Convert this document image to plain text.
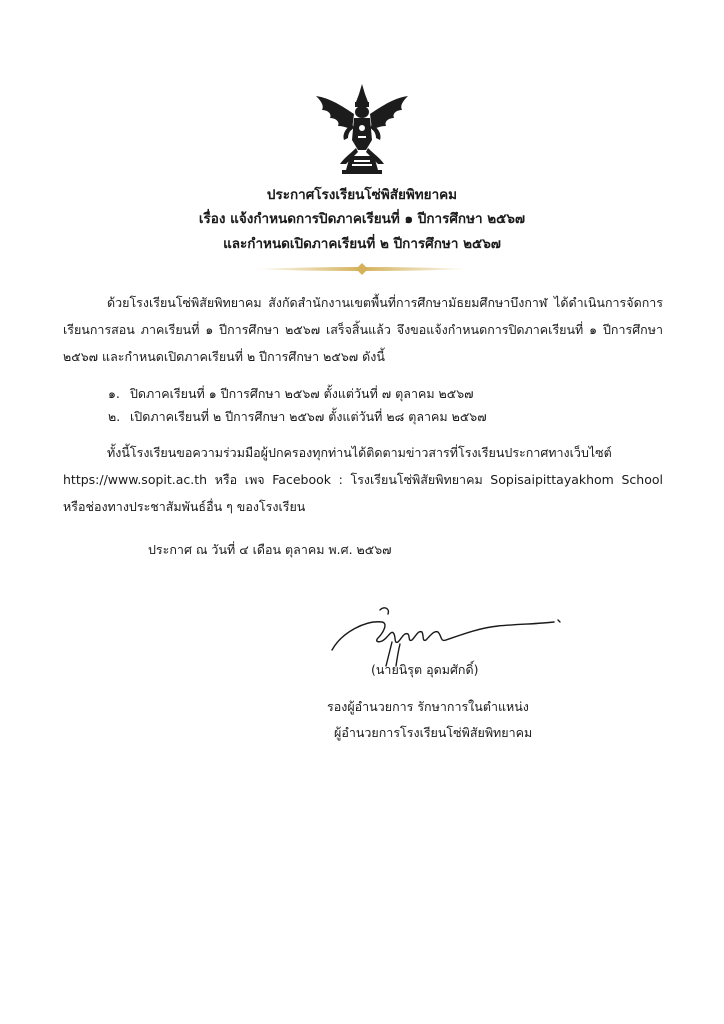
ประกาศโรงเรียนโซ่พิสัยพิทยาคม
เรื่อง แจ้งกำหนดการปิดภาคเรียนที่ ๑ ปีการศึกษา ๒๕๖๗
และกำหนดเปิดภาคเรียนที่ ๒ ปีการศึกษา ๒๕๖๗
ด้วยโรงเรียนโซ่พิสัยพิทยาคม สังกัดสำนักงานเขตพื้นที่การศึกษามัธยมศึกษาบึงกาฬ ได้ดำเนินการจัดการเรียนการสอน ภาคเรียนที่ ๑ ปีการศึกษา ๒๕๖๗ เสร็จสิ้นแล้ว จึงขอแจ้งกำหนดการปิดภาคเรียนที่ ๑ ปีการศึกษา ๒๕๖๗ และกำหนดเปิดภาคเรียนที่ ๒ ปีการศึกษา ๒๕๖๗ ดังนี้
๑. ปิดภาคเรียนที่ ๑ ปีการศึกษา ๒๕๖๗ ตั้งแต่วันที่ ๗ ตุลาคม ๒๕๖๗
๒. เปิดภาคเรียนที่ ๒ ปีการศึกษา ๒๕๖๗ ตั้งแต่วันที่ ๒๘ ตุลาคม ๒๕๖๗
ทั้งนี้โรงเรียนขอความร่วมมือผู้ปกครองทุกท่านได้ติดตามข่าวสารที่โรงเรียนประกาศทางเว็บไซต์ https://www.sopit.ac.th หรือ เพจ Facebook : โรงเรียนโซ่พิสัยพิทยาคม Sopisaipittayakhom School หรือช่องทางประชาสัมพันธ์อื่น ๆ ของโรงเรียน
ประกาศ ณ วันที่ ๔ เดือน ตุลาคม พ.ศ. ๒๕๖๗
(นายนิรุต อุดมศักดิ์)
รองผู้อำนวยการ รักษาการในตำแหน่ง
ผู้อำนวยการโรงเรียนโซ่พิสัยพิทยาคม
